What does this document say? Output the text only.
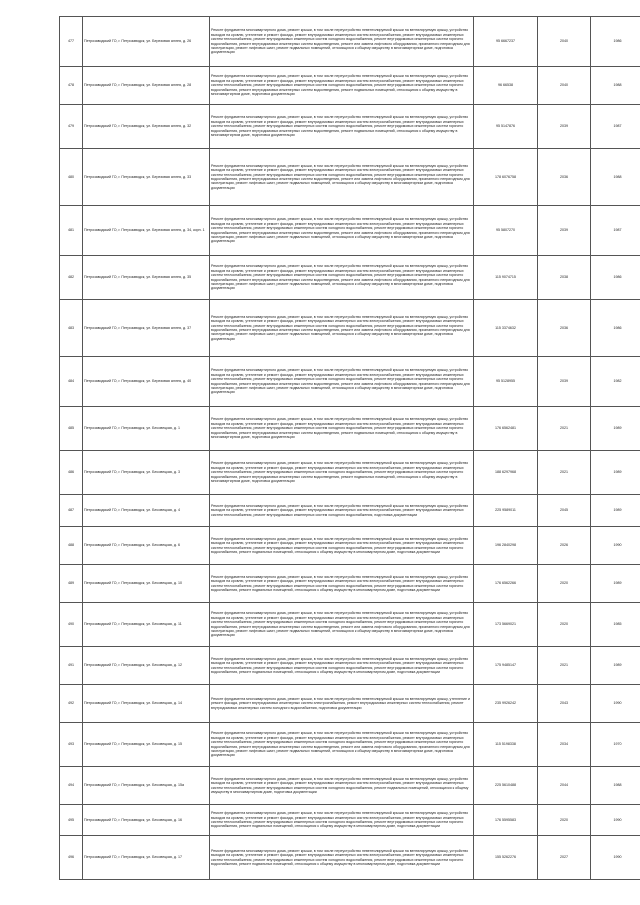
477	Петрозаводский ГО, г. Петрозаводск, ул. Березовая аллея, д. 26	Ремонт фундамента многоквартирного дома, ремонт крыши, в том числе переустройство невентилируемой крыши на вентилируемую крышу, устройство выходов на кровлю, утепление и ремонт фасада, ремонт внутридомовых инженерных систем электроснабжения, ремонт внутридомовых инженерных систем теплоснабжения, ремонт внутридомовых инженерных систем холодного водоснабжения, ремонт внутридомовых инженерных систем горячего водоснабжения, ремонт внутридомовых инженерных систем водоотведения, ремонт или замена лифтового оборудования, признанного непригодным для эксплуатации, ремонт лифтовых шахт, ремонт подвальных помещений, относящихся к общему имуществу в многоквартирном доме, подготовка документации	95 6667237	2040	1986
478	Петрозаводский ГО, г. Петрозаводск, ул. Березовая аллея, д. 28	Ремонт фундамента многоквартирного дома, ремонт крыши, в том числе переустройство невентилируемой крыши на вентилируемую крышу, устройство выходов на кровлю, утепление и ремонт фасада, ремонт внутридомовых инженерных систем электроснабжения, ремонт внутридомовых инженерных систем теплоснабжения, ремонт внутридомовых инженерных систем холодного водоснабжения, ремонт внутридомовых инженерных систем горячего водоснабжения, ремонт внутридомовых инженерных систем водоотведения, ремонт подвальных помещений, относящихся к общему имуществу в многоквартирном доме, подготовка документации	96 66538	2040	1988
479	Петрозаводский ГО, г. Петрозаводск, ул. Березовая аллея, д. 32	Ремонт фундамента многоквартирного дома, ремонт крыши, в том числе переустройство невентилируемой крыши на вентилируемую крышу, устройство выходов на кровлю, утепление и ремонт фасада, ремонт внутридомовых инженерных систем электроснабжения, ремонт внутридомовых инженерных систем теплоснабжения, ремонт внутридомовых инженерных систем холодного водоснабжения, ремонт внутридомовых инженерных систем горячего водоснабжения, ремонт внутридомовых инженерных систем водоотведения, ремонт подвальных помещений, относящихся к общему имуществу в многоквартирном доме, подготовка документации	95 5147876	2039	1987
480	Петрозаводский ГО, г. Петрозаводск, ул. Березовая аллея, д. 33	Ремонт фундамента многоквартирного дома, ремонт крыши, в том числе переустройство невентилируемой крыши на вентилируемую крышу, устройство выходов на кровлю, утепление и ремонт фасада, ремонт внутридомовых инженерных систем электроснабжения, ремонт внутридомовых инженерных систем теплоснабжения, ремонт внутридомовых инженерных систем холодного водоснабжения, ремонт внутридомовых инженерных систем горячего водоснабжения, ремонт внутридомовых инженерных систем водоотведения, ремонт или замена лифтового оборудования, признанного непригодным для эксплуатации, ремонт лифтовых шахт, ремонт подвальных помещений, относящихся к общему имуществу в многоквартирном доме, подготовка документации	178 6076758	2036	1988
481	Петрозаводский ГО, г. Петрозаводск, ул. Березовая аллея, д. 34, корп. 1	Ремонт фундамента многоквартирного дома, ремонт крыши, в том числе переустройство невентилируемой крыши на вентилируемую крышу, устройство выходов на кровлю, утепление и ремонт фасада, ремонт внутридомовых инженерных систем электроснабжения, ремонт внутридомовых инженерных систем теплоснабжения, ремонт внутридомовых инженерных систем холодного водоснабжения, ремонт внутридомовых инженерных систем горячего водоснабжения, ремонт внутридомовых инженерных систем водоотведения, ремонт или замена лифтового оборудования, признанного непригодным для эксплуатации, ремонт лифтовых шахт, ремонт подвальных помещений, относящихся к общему имуществу в многоквартирном доме, подготовка документации	95 5807270	2039	1987
482	Петрозаводский ГО, г. Петрозаводск, ул. Березовая аллея, д. 35	Ремонт фундамента многоквартирного дома, ремонт крыши, в том числе переустройство невентилируемой крыши на вентилируемую крышу, устройство выходов на кровлю, утепление и ремонт фасада, ремонт внутридомовых инженерных систем электроснабжения, ремонт внутридомовых инженерных систем теплоснабжения, ремонт внутридомовых инженерных систем холодного водоснабжения, ремонт внутридомовых инженерных систем горячего водоснабжения, ремонт внутридомовых инженерных систем водоотведения, ремонт или замена лифтового оборудования, признанного непригодным для эксплуатации, ремонт лифтовых шахт, ремонт подвальных помещений, относящихся к общему имуществу в многоквартирном доме, подготовка документации	115 9074715	2038	1986
483	Петрозаводский ГО, г. Петрозаводск, ул. Березовая аллея, д. 37	Ремонт фундамента многоквартирного дома, ремонт крыши, в том числе переустройство невентилируемой крыши на вентилируемую крышу, устройство выходов на кровлю, утепление и ремонт фасада, ремонт внутридомовых инженерных систем электроснабжения, ремонт внутридомовых инженерных систем теплоснабжения, ремонт внутридомовых инженерных систем холодного водоснабжения, ремонт внутридомовых инженерных систем горячего водоснабжения, ремонт внутридомовых инженерных систем водоотведения, ремонт или замена лифтового оборудования, признанного непригодным для эксплуатации, ремонт лифтовых шахт, ремонт подвальных помещений, относящихся к общему имуществу в многоквартирном доме, подготовка документации	115 3374632	2036	1986
484	Петрозаводский ГО, г. Петрозаводск, ул. Березовая аллея, д. 40	Ремонт фундамента многоквартирного дома, ремонт крыши, в том числе переустройство невентилируемой крыши на вентилируемую крышу, устройство выходов на кровлю, утепление и ремонт фасада, ремонт внутридомовых инженерных систем электроснабжения, ремонт внутридомовых инженерных систем теплоснабжения, ремонт внутридомовых инженерных систем холодного водоснабжения, ремонт внутридомовых инженерных систем горячего водоснабжения, ремонт внутридомовых инженерных систем водоотведения, ремонт или замена лифтового оборудования, признанного непригодным для эксплуатации, ремонт лифтовых шахт, ремонт подвальных помещений, относящихся к общему имуществу в многоквартирном доме, подготовка документации	95 5128955	2039	1982
485	Петрозаводский ГО, г. Петрозаводск, ул. Бесовецкая, д. 1	Ремонт фундамента многоквартирного дома, ремонт крыши, в том числе переустройство невентилируемой крыши на вентилируемую крышу, устройство выходов на кровлю, утепление и ремонт фасада, ремонт внутридомовых инженерных систем электроснабжения, ремонт внутридомовых инженерных систем теплоснабжения, ремонт внутридомовых инженерных систем холодного водоснабжения, ремонт внутридомовых инженерных систем горячего водоснабжения, ремонт внутридомовых инженерных систем водоотведения, ремонт подвальных помещений, относящихся к общему имуществу в многоквартирном доме, подготовка документации	176 6562481	2021	1989
486	Петрозаводский ГО, г. Петрозаводск, ул. Бесовецкая, д. 3	Ремонт фундамента многоквартирного дома, ремонт крыши, в том числе переустройство невентилируемой крыши на вентилируемую крышу, устройство выходов на кровлю, утепление и ремонт фасада, ремонт внутридомовых инженерных систем электроснабжения, ремонт внутридомовых инженерных систем теплоснабжения, ремонт внутридомовых инженерных систем холодного водоснабжения, ремонт внутридомовых инженерных систем горячего водоснабжения, ремонт внутридомовых инженерных систем водоотведения, ремонт подвальных помещений, относящихся к общему имуществу в многоквартирном доме, подготовка документации	188 6297968	2021	1989
487	Петрозаводский ГО, г. Петрозаводск, ул. Бесовецкая, д. 4	Ремонт фундамента многоквартирного дома, ремонт крыши, в том числе переустройство невентилируемой крыши на вентилируемую крышу, устройство выходов на кровлю, утепление и ремонт фасада, ремонт внутридомовых инженерных систем электроснабжения, ремонт внутридомовых инженерных систем теплоснабжения, ремонт внутридомовых инженерных систем холодного водоснабжения, подготовка документации	225 9589011	2045	1989
488	Петрозаводский ГО, г. Петрозаводск, ул. Бесовецкая, д. 6	Ремонт фундамента многоквартирного дома, ремонт крыши, в том числе переустройство невентилируемой крыши на вентилируемую крышу, устройство выходов на кровлю, утепление и ремонт фасада, ремонт внутридомовых инженерных систем электроснабжения, ремонт внутридомовых инженерных систем теплоснабжения, ремонт внутридомовых инженерных систем холодного водоснабжения, ремонт внутридомовых инженерных систем горячего водоснабжения, ремонт подвальных помещений, относящихся к общему имуществу в многоквартирном доме, подготовка документации	196 2840298	2026	1990
489	Петрозаводский ГО, г. Петрозаводск, ул. Бесовецкая, д. 10	Ремонт фундамента многоквартирного дома, ремонт крыши, в том числе переустройство невентилируемой крыши на вентилируемую крышу, устройство выходов на кровлю, утепление и ремонт фасада, ремонт внутридомовых инженерных систем электроснабжения, ремонт внутридомовых инженерных систем теплоснабжения, ремонт внутридомовых инженерных систем холодного водоснабжения, ремонт внутридомовых инженерных систем горячего водоснабжения, ремонт подвальных помещений, относящихся к общему имуществу в многоквартирном доме, подготовка документации	176 6562266	2020	1989
490	Петрозаводский ГО, г. Петрозаводск, ул. Бесовецкая, д. 11	Ремонт фундамента многоквартирного дома, ремонт крыши, в том числе переустройство невентилируемой крыши на вентилируемую крышу, устройство выходов на кровлю, утепление и ремонт фасада, ремонт внутридомовых инженерных систем электроснабжения, ремонт внутридомовых инженерных систем теплоснабжения, ремонт внутридомовых инженерных систем холодного водоснабжения, ремонт внутридомовых инженерных систем горячего водоснабжения, ремонт внутридомовых инженерных систем водоотведения, ремонт или замена лифтового оборудования, признанного непригодным для эксплуатации, ремонт лифтовых шахт, ремонт подвальных помещений, относящихся к общему имуществу в многоквартирном доме, подготовка документации	173 5669021	2020	1985
491	Петрозаводский ГО, г. Петрозаводск, ул. Бесовецкая, д. 12	Ремонт фундамента многоквартирного дома, ремонт крыши, в том числе переустройство невентилируемой крыши на вентилируемую крышу, устройство выходов на кровлю, утепление и ремонт фасада, ремонт внутридомовых инженерных систем электроснабжения, ремонт внутридомовых инженерных систем теплоснабжения, ремонт внутридомовых инженерных систем холодного водоснабжения, ремонт внутридомовых инженерных систем горячего водоснабжения, ремонт подвальных помещений, относящихся к общему имуществу в многоквартирном доме, подготовка документации	175 9485147	2021	1989
492	Петрозаводский ГО, г. Петрозаводск, ул. Бесовецкая, д. 14	Ремонт фундамента многоквартирного дома, ремонт крыши, в том числе переустройство невентилируемой крыши на вентилируемую крышу, утепление и ремонт фасада, ремонт внутридомовых инженерных систем электроснабжения, ремонт внутридомовых инженерных систем теплоснабжения, ремонт внутридомовых инженерных систем холодного водоснабжения, подготовка документации	235 9926242	2043	1990
493	Петрозаводский ГО, г. Петрозаводск, ул. Бесовецкая, д. 15	Ремонт фундамента многоквартирного дома, ремонт крыши, в том числе переустройство невентилируемой крыши на вентилируемую крышу, устройство выходов на кровлю, утепление и ремонт фасада, ремонт внутридомовых инженерных систем электроснабжения, ремонт внутридомовых инженерных систем теплоснабжения, ремонт внутридомовых инженерных систем холодного водоснабжения, ремонт внутридомовых инженерных систем горячего водоснабжения, ремонт внутридомовых инженерных систем водоотведения, ремонт или замена лифтового оборудования, признанного непригодным для эксплуатации, ремонт лифтовых шахт, ремонт подвальных помещений, относящихся к общему имуществу в многоквартирном доме, подготовка документации	115 5198338	2034	1970
494	Петрозаводский ГО, г. Петрозаводск, ул. Бесовецкая, д. 15а	Ремонт фундамента многоквартирного дома, ремонт крыши, в том числе переустройство невентилируемой крыши на вентилируемую крышу, устройство выходов на кровлю, утепление и ремонт фасада, ремонт внутридомовых инженерных систем электроснабжения, ремонт внутридомовых инженерных систем теплоснабжения, ремонт внутридомовых инженерных систем холодного водоснабжения, ремонт подвальных помещений, относящихся к общему имуществу в многоквартирном доме, подготовка документации	225 5610488	2044	1988
495	Петрозаводский ГО, г. Петрозаводск, ул. Бесовецкая, д. 16	Ремонт фундамента многоквартирного дома, ремонт крыши, в том числе переустройство невентилируемой крыши на вентилируемую крышу, устройство выходов на кровлю, утепление и ремонт фасада, ремонт внутридомовых инженерных систем электроснабжения, ремонт внутридомовых инженерных систем теплоснабжения, ремонт внутридомовых инженерных систем холодного водоснабжения, ремонт внутридомовых инженерных систем горячего водоснабжения, ремонт подвальных помещений, относящихся к общему имуществу в многоквартирном доме, подготовка документации	176 5595583	2020	1990
496	Петрозаводский ГО, г. Петрозаводск, ул. Бесовецкая, д. 17	Ремонт фундамента многоквартирного дома, ремонт крыши, в том числе переустройство невентилируемой крыши на вентилируемую крышу, устройство выходов на кровлю, утепление и ремонт фасада, ремонт внутридомовых инженерных систем электроснабжения, ремонт внутридомовых инженерных систем теплоснабжения, ремонт внутридомовых инженерных систем холодного водоснабжения, ремонт внутридомовых инженерных систем горячего водоснабжения, ремонт подвальных помещений, относящихся к общему имуществу в многоквартирном доме, подготовка документации	155 5262276	2027	1990
